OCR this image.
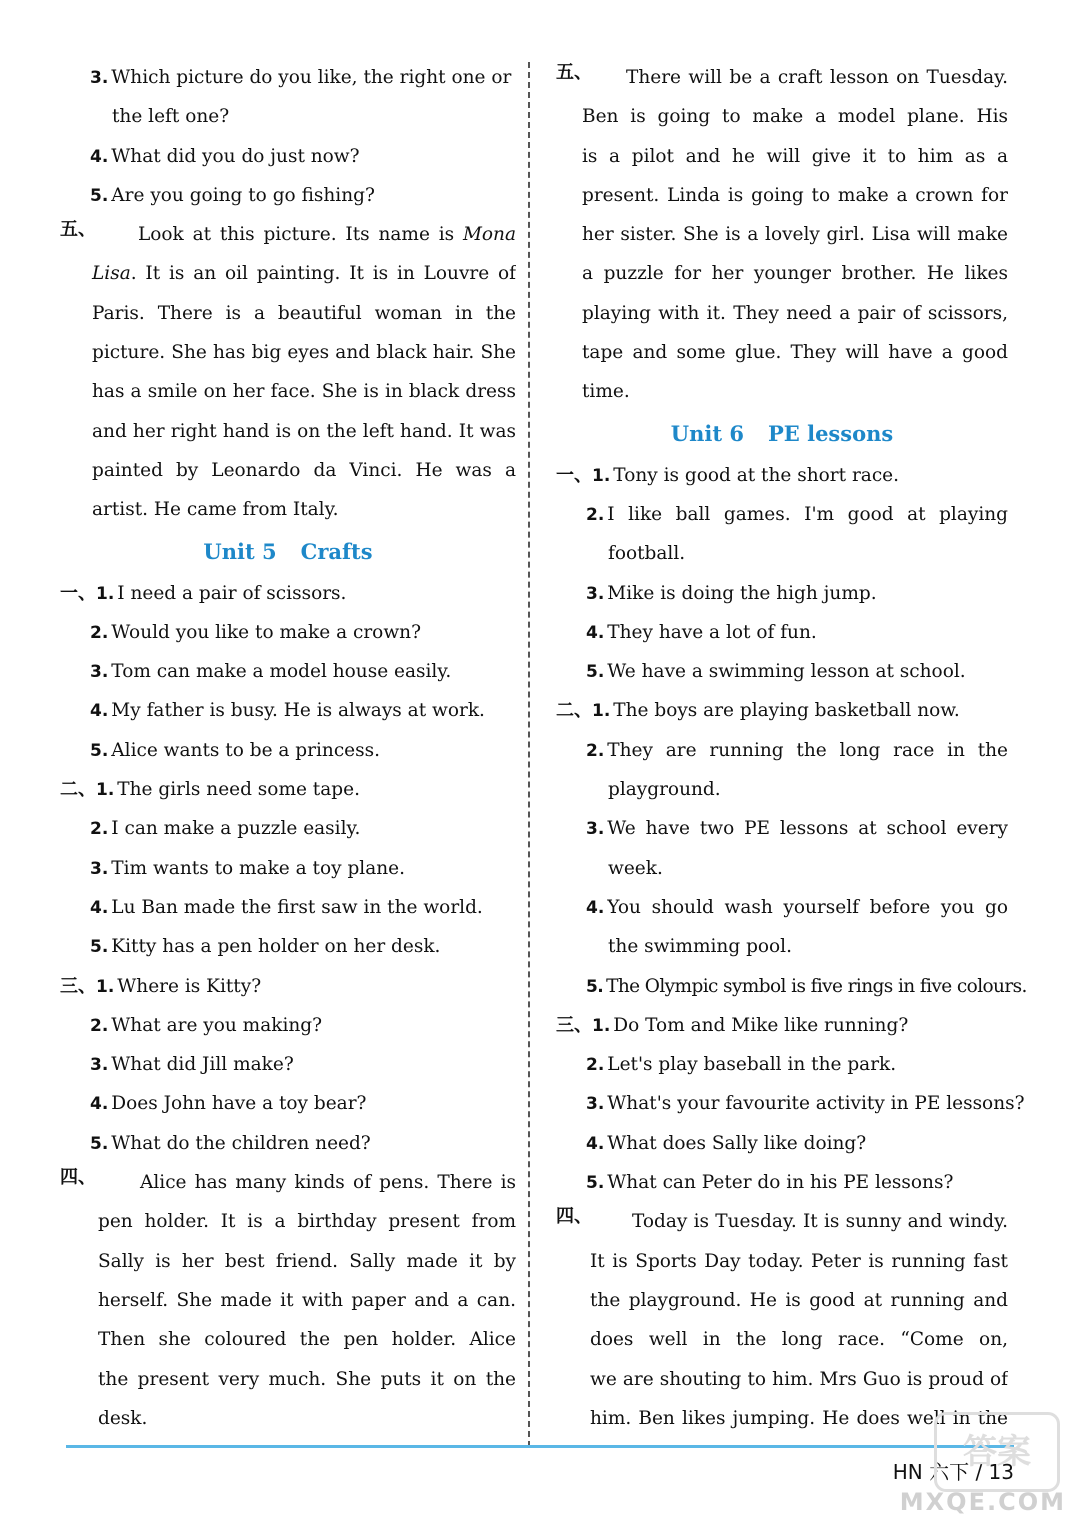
3. Which picture do you like, the right one or
the left one?
4. What did you do just now?
5. Are you going to go fishing?
五、	Look at this picture. Its name is Mona
Lisa. It is an oil painting. It is in Louvre of
Paris. There is a beautiful woman in the
picture. She has big eyes and black hair. She
has a smile on her face. She is in black dress
and her right hand is on the left hand. It was
painted by Leonardo da Vinci. He was a
artist. He came from Italy.
Unit 5 Crafts
一、1. I need a pair of scissors.
2. Would you like to make a crown?
3. Tom can make a model house easily.
4. My father is busy. He is always at work.
5. Alice wants to be a princess.
二、1. The girls need some tape.
2. I can make a puzzle easily.
3. Tim wants to make a toy plane.
4. Lu Ban made the first saw in the world.
5. Kitty has a pen holder on her desk.
三、1. Where is Kitty?
2. What are you making?
3. What did Jill make?
4. Does John have a toy bear?
5. What do the children need?
四、	Alice has many kinds of pens. There is
pen holder. It is a birthday present from
Sally is her best friend. Sally made it by
herself. She made it with paper and a can.
Then she coloured the pen holder. Alice
the present very much. She puts it on the
desk.
五、	There will be a craft lesson on Tuesday.
Ben is going to make a model plane. His
is a pilot and he will give it to him as a
present. Linda is going to make a crown for
her sister. She is a lovely girl. Lisa will make
a puzzle for her younger brother. He likes
playing with it. They need a pair of scissors,
tape and some glue. They will have a good
time.
Unit 6 PE lessons
一、1. Tony is good at the short race.
2. I like ball games. I'm good at playing
football.
3. Mike is doing the high jump.
4. They have a lot of fun.
5. We have a swimming lesson at school.
二、1. The boys are playing basketball now.
2. They are running the long race in the
playground.
3. We have two PE lessons at school every
week.
4. You should wash yourself before you go
the swimming pool.
5. The Olympic symbol is five rings in five colours.
三、1. Do Tom and Mike like running?
2. Let's play baseball in the park.
3. What's your favourite activity in PE lessons?
4. What does Sally like doing?
5. What can Peter do in his PE lessons?
四、	Today is Tuesday. It is sunny and windy.
It is Sports Day today. Peter is running fast
the playground. He is good at running and
does well in the long race. “Come on,
we are shouting to him. Mrs Guo is proud of
him. Ben likes jumping. He does well in the
HN 六下 / 13
答案
MXQE.COM
